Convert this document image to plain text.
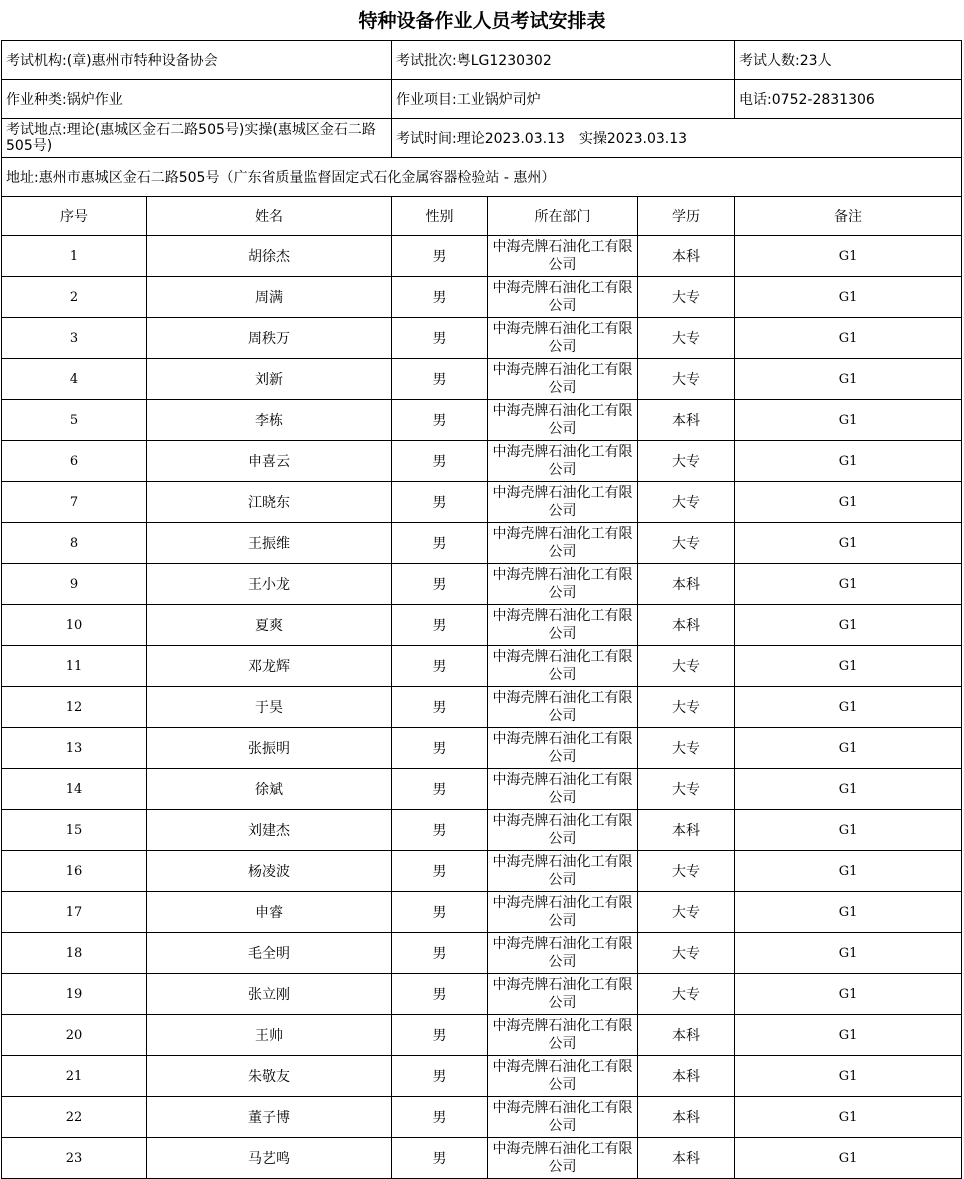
特种设备作业人员考试安排表
考试机构:(章)惠州市特种设备协会		考试批次:粤LG1230302			考试人数:23人
作业种类:锅炉作业		作业项目:工业锅炉司炉			电话:0752-2831306
考试地点:理论(惠城区金石二路505号)实操(惠城区金石二路505号)		考试时间:理论2023.03.13　实操2023.03.13			
地址:惠州市惠城区金石二路505号（广东省质量监督固定式石化金属容器检验站 - 惠州）					
序号	姓名	性别	所在部门	学历	备注
1	胡徐杰	男	中海壳牌石油化工有限公司	本科	G1
2	周满	男	中海壳牌石油化工有限公司	大专	G1
3	周秩万	男	中海壳牌石油化工有限公司	大专	G1
4	刘新	男	中海壳牌石油化工有限公司	大专	G1
5	李栋	男	中海壳牌石油化工有限公司	本科	G1
6	申喜云	男	中海壳牌石油化工有限公司	大专	G1
7	江晓东	男	中海壳牌石油化工有限公司	大专	G1
8	王振维	男	中海壳牌石油化工有限公司	大专	G1
9	王小龙	男	中海壳牌石油化工有限公司	本科	G1
10	夏爽	男	中海壳牌石油化工有限公司	本科	G1
11	邓龙辉	男	中海壳牌石油化工有限公司	大专	G1
12	于昊	男	中海壳牌石油化工有限公司	大专	G1
13	张振明	男	中海壳牌石油化工有限公司	大专	G1
14	徐斌	男	中海壳牌石油化工有限公司	大专	G1
15	刘建杰	男	中海壳牌石油化工有限公司	本科	G1
16	杨凌波	男	中海壳牌石油化工有限公司	大专	G1
17	申睿	男	中海壳牌石油化工有限公司	大专	G1
18	毛全明	男	中海壳牌石油化工有限公司	大专	G1
19	张立刚	男	中海壳牌石油化工有限公司	大专	G1
20	王帅	男	中海壳牌石油化工有限公司	本科	G1
21	朱敬友	男	中海壳牌石油化工有限公司	本科	G1
22	董子博	男	中海壳牌石油化工有限公司	本科	G1
23	马艺鸣	男	中海壳牌石油化工有限公司	本科	G1
